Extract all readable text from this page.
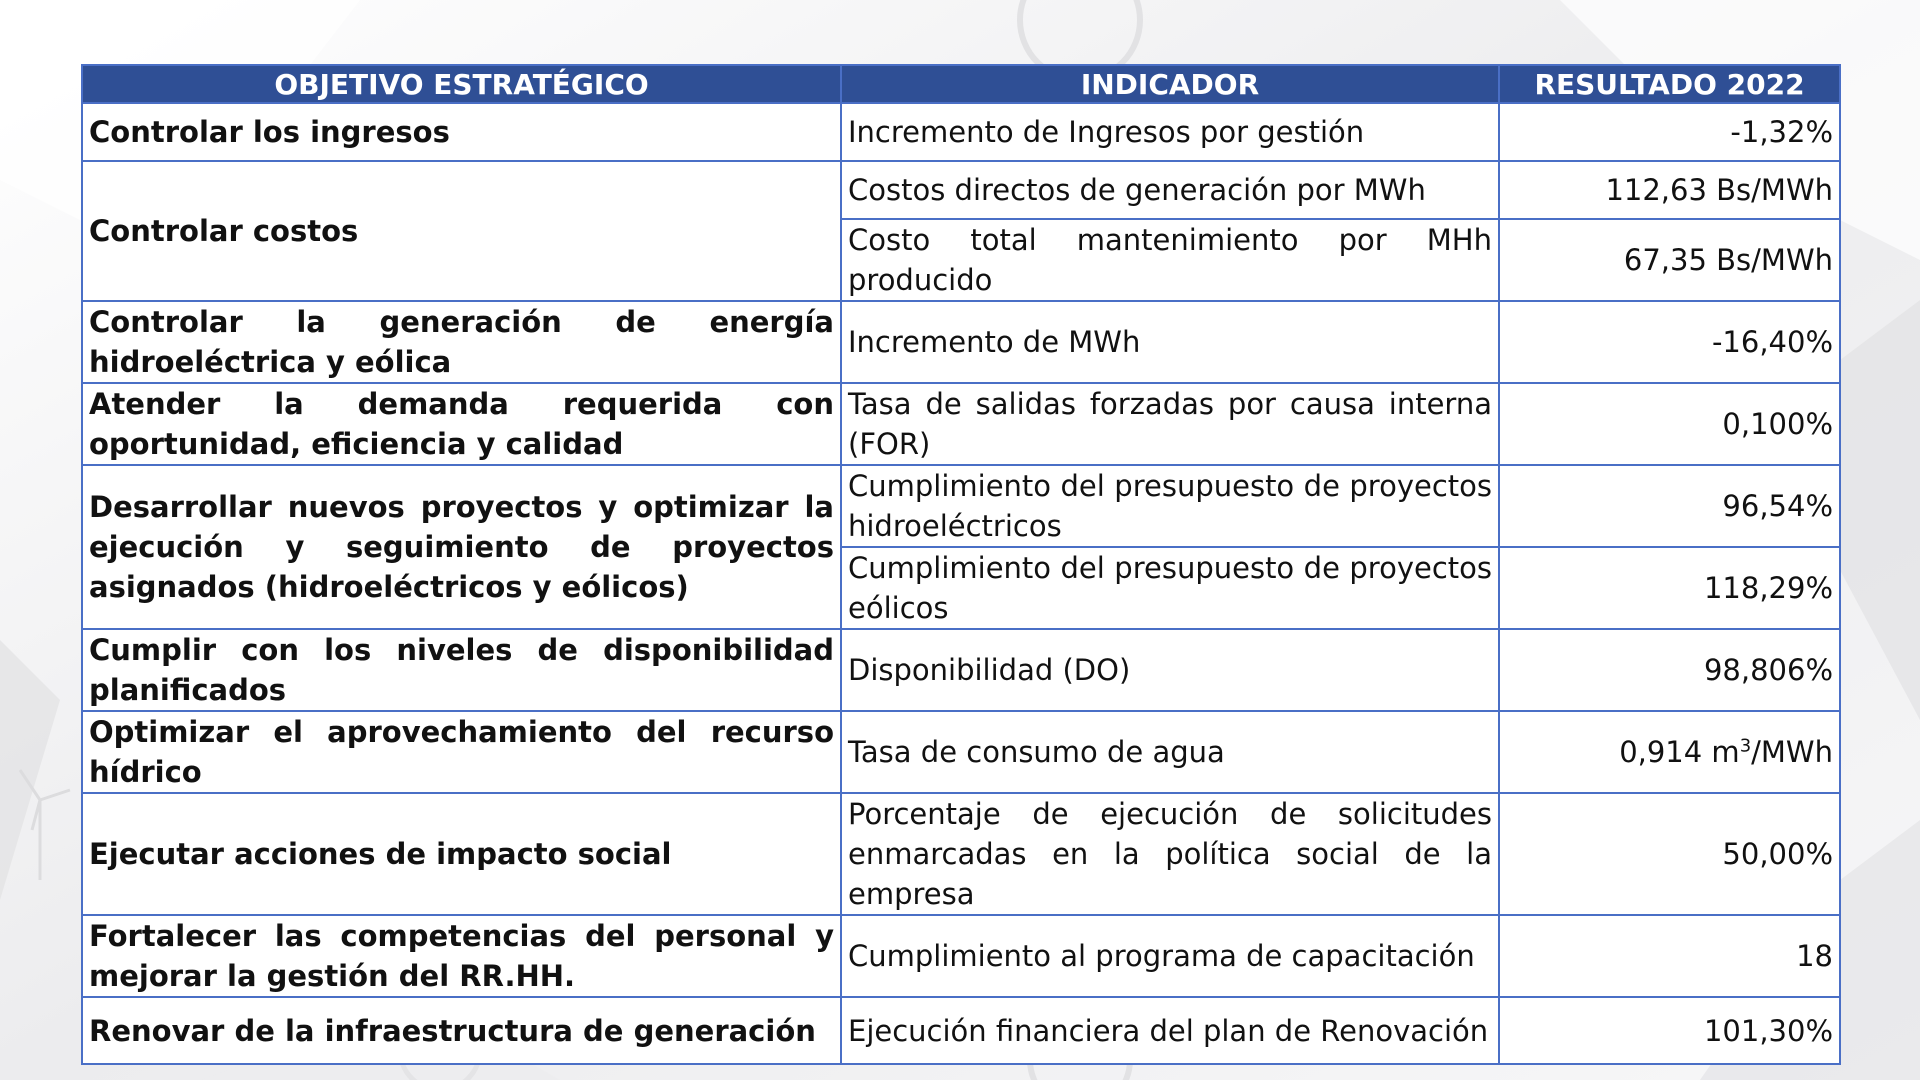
OBJETIVO ESTRATÉGICO	INDICADOR	RESULTADO 2022
Controlar los ingresos	Incremento de Ingresos por gestión	-1,32%
Controlar costos	Costos directos de generación por MWh	112,63 Bs/MWh
	Costo total mantenimiento por MHh producido	67,35 Bs/MWh
Controlar la generación de energía hidroeléctrica y eólica	Incremento de MWh	-16,40%
Atender la demanda requerida con oportunidad, eficiencia y calidad	Tasa de salidas forzadas por causa interna (FOR)	0,100%
Desarrollar nuevos proyectos y optimizar la ejecución y seguimiento de proyectos asignados (hidroeléctricos y eólicos)	Cumplimiento del presupuesto de proyectos hidroeléctricos	96,54%
	Cumplimiento del presupuesto de proyectos eólicos	118,29%
Cumplir con los niveles de disponibilidad planificados	Disponibilidad (DO)	98,806%
Optimizar el aprovechamiento del recurso hídrico	Tasa de consumo de agua	0,914 $m^3$/MWh
Ejecutar acciones de impacto social	Porcentaje de ejecución de solicitudes enmarcadas en la política social de la empresa	50,00%
Fortalecer las competencias del personal y mejorar la gestión del RR.HH.	Cumplimiento al programa de capacitación	18
Renovar de la infraestructura de generación	Ejecución financiera del plan de Renovación	101,30%
